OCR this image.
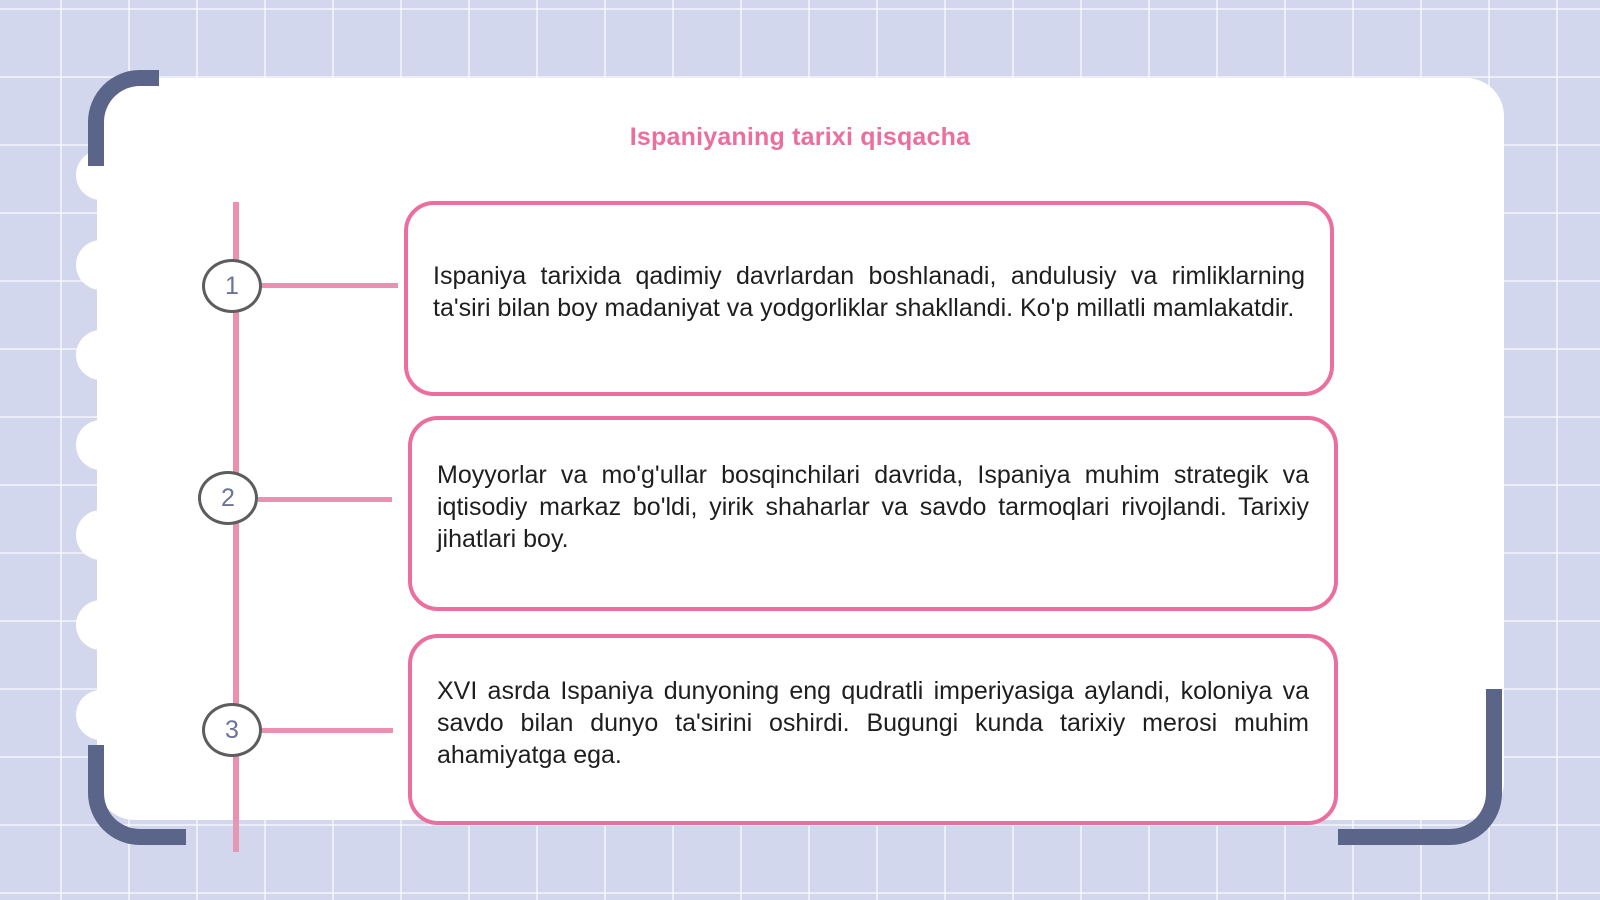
Ispaniyaning tarixi qisqacha
1
2
3
Ispaniya tarixida qadimiy davrlardan boshlanadi, andulusiy va rimliklarning ta'siri bilan boy madaniyat va yodgorliklar shakllandi. Ko'p millatli mamlakatdir.
Moyyorlar va mo'g'ullar bosqinchilari davrida, Ispaniya muhim strategik va iqtisodiy markaz bo'ldi, yirik shaharlar va savdo tarmoqlari rivojlandi. Tarixiy jihatlari boy.
XVI asrda Ispaniya dunyoning eng qudratli imperiyasiga aylandi, koloniya va savdo bilan dunyo ta'sirini oshirdi. Bugungi kunda tarixiy merosi muhim ahamiyatga ega.
